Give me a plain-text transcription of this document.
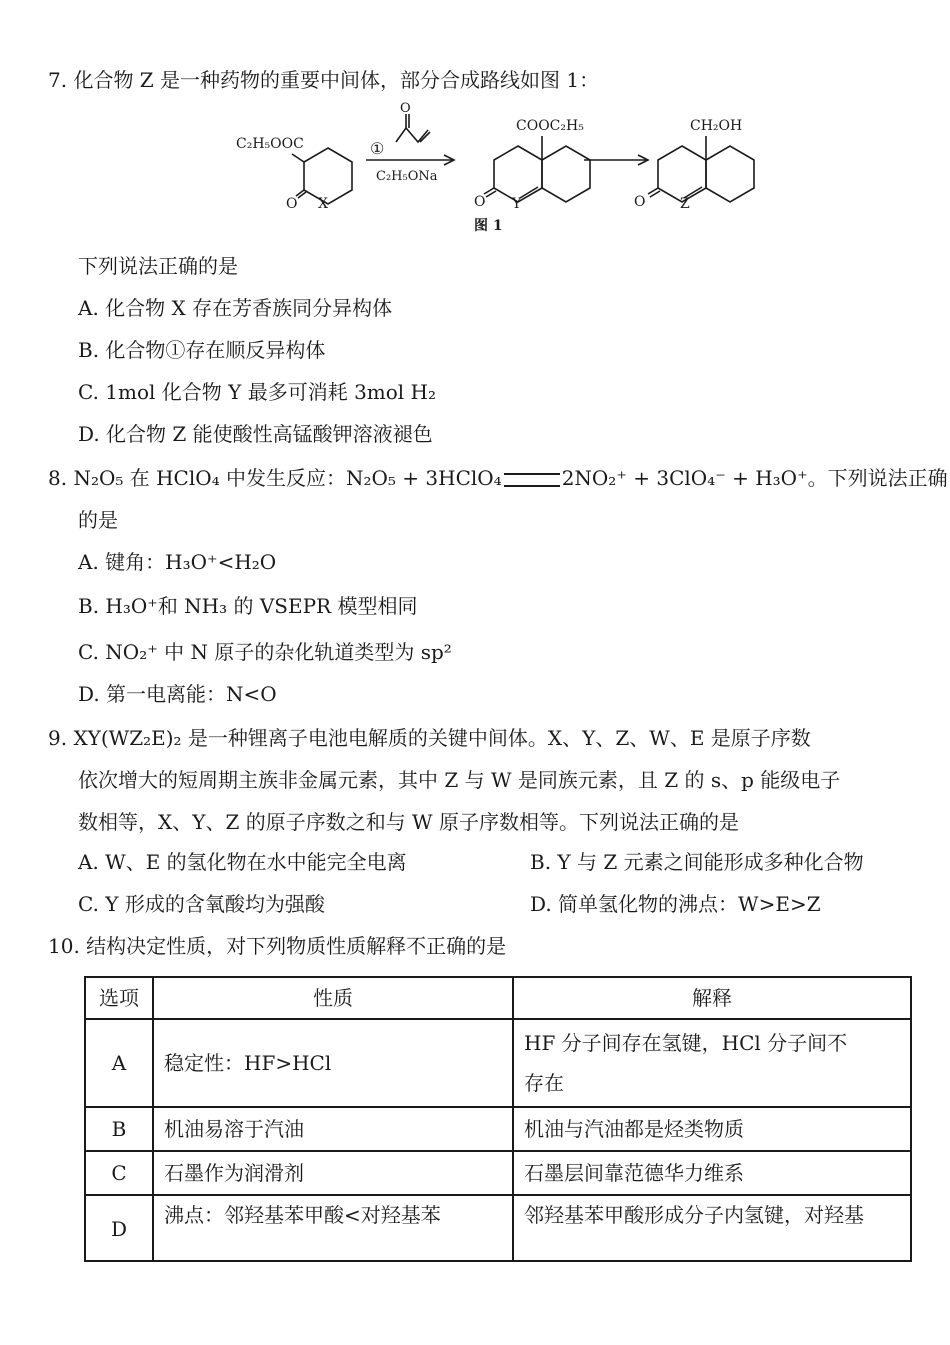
7. 化合物 Z 是一种药物的重要中间体，部分合成路线如图 1：
C₂H₅OOC
O X
O
①
C₂H₅ONa
COOC₂H₅
O Y
CH₂OH
O Z
图 1
下列说法正确的是
A. 化合物 X 存在芳香族同分异构体
B. 化合物①存在顺反异构体
C. 1mol 化合物 Y 最多可消耗 3mol H₂
D. 化合物 Z 能使酸性高锰酸钾溶液褪色
8. N₂O₅ 在 HClO₄ 中发生反应：N₂O₅ + 3HClO₄	2NO₂⁺ + 3ClO₄⁻ + H₃O⁺。下列说法正确
的是
A. 键角：H₃O⁺<H₂O
B. H₃O⁺和 NH₃ 的 VSEPR 模型相同
C. NO₂⁺ 中 N 原子的杂化轨道类型为 sp²
D. 第一电离能：N<O
9. XY(WZ₂E)₂ 是一种锂离子电池电解质的关键中间体。X、Y、Z、W、E 是原子序数
依次增大的短周期主族非金属元素，其中 Z 与 W 是同族元素，且 Z 的 s、p 能级电子
数相等，X、Y、Z 的原子序数之和与 W 原子序数相等。下列说法正确的是
A. W、E 的氢化物在水中能完全电离	B. Y 与 Z 元素之间能形成多种化合物
C. Y 形成的含氧酸均为强酸	D. 简单氢化物的沸点：W>E>Z
10. 结构决定性质，对下列物质性质解释不正确的是
选项	性质	解释
A	稳定性：HF>HCl	HF 分子间存在氢键，HCl 分子间不
存在

B	机油易溶于汽油	机油与汽油都是烃类物质
C	石墨作为润滑剂	石墨层间靠范德华力维系

D	沸点：邻羟基苯甲酸<对羟基苯	邻羟基苯甲酸形成分子内氢键，对羟基
